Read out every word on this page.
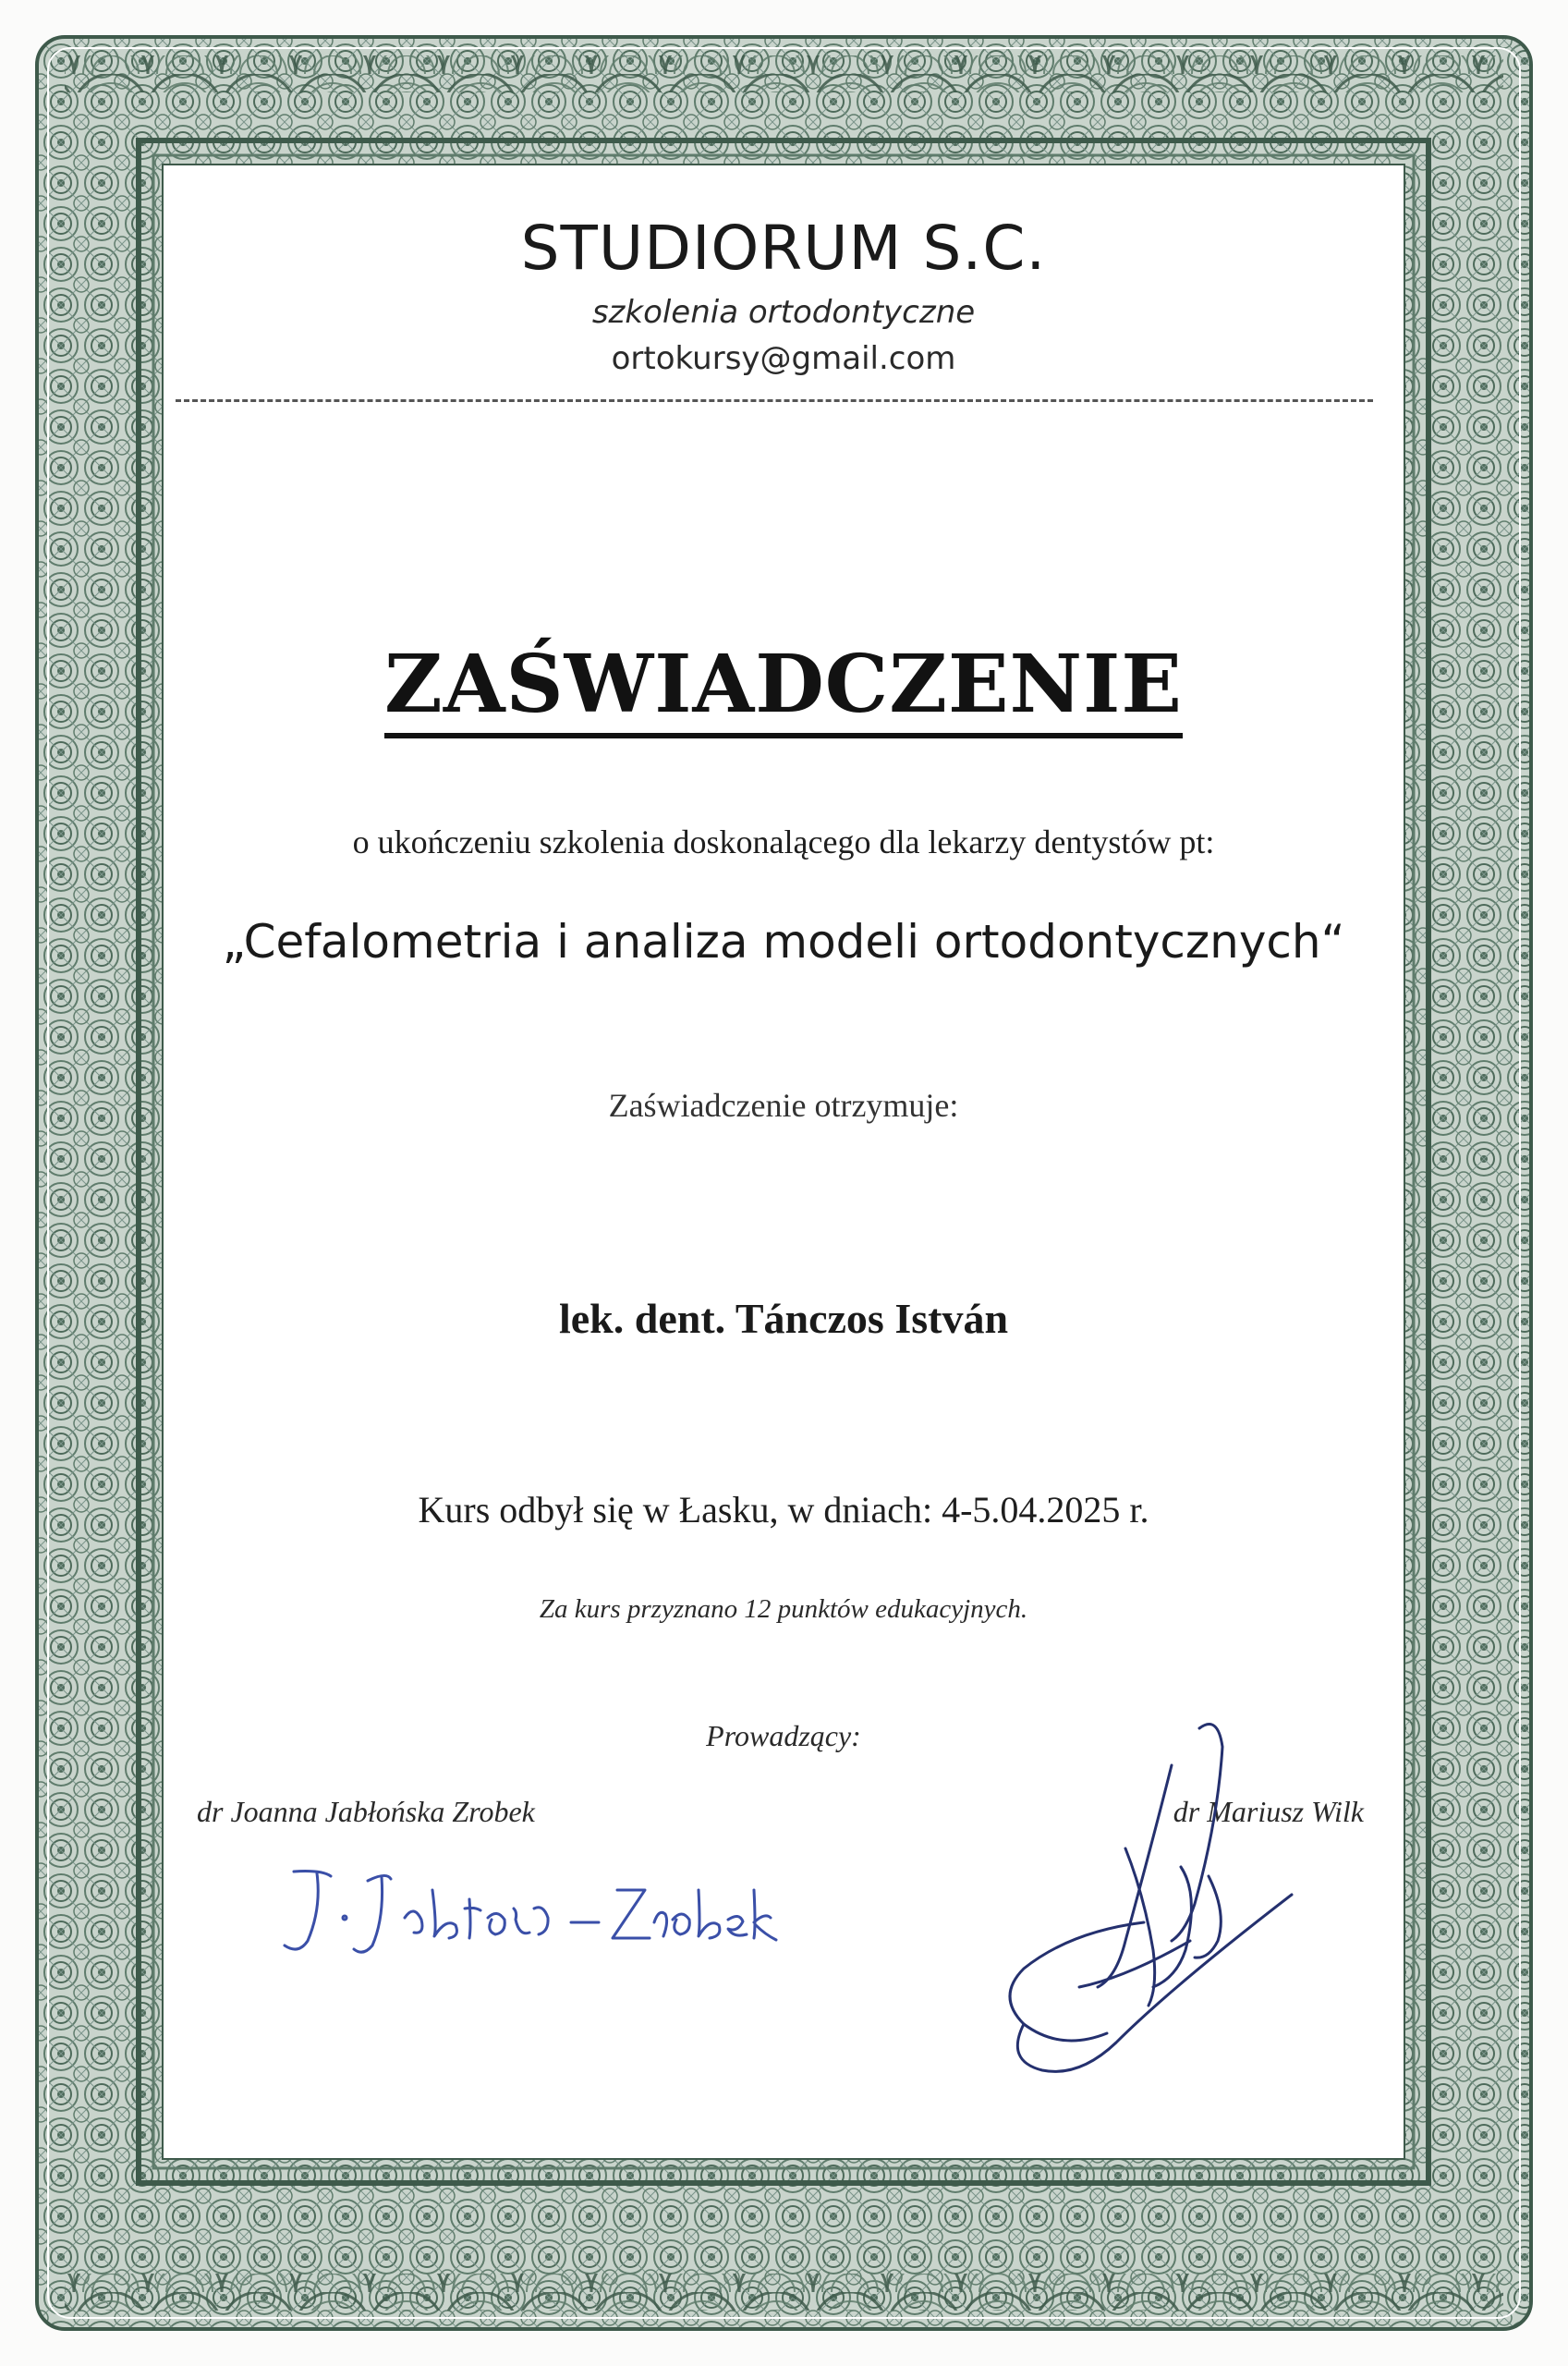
STUDIORUM S.C.
szkolenia ortodontyczne
ortokursy@gmail.com
ZAŚWIADCZENIE
o ukończeniu szkolenia doskonalącego dla lekarzy dentystów pt:
„Cefalometria i analiza modeli ortodontycznych“
Zaświadczenie otrzymuje:
lek. dent. Tánczos István
Kurs odbył się w Łasku, w dniach: 4-5.04.2025 r.
Za kurs przyznano 12 punktów edukacyjnych.
Prowadzący:
dr Joanna Jabłońska Zrobek	dr Mariusz Wilk
